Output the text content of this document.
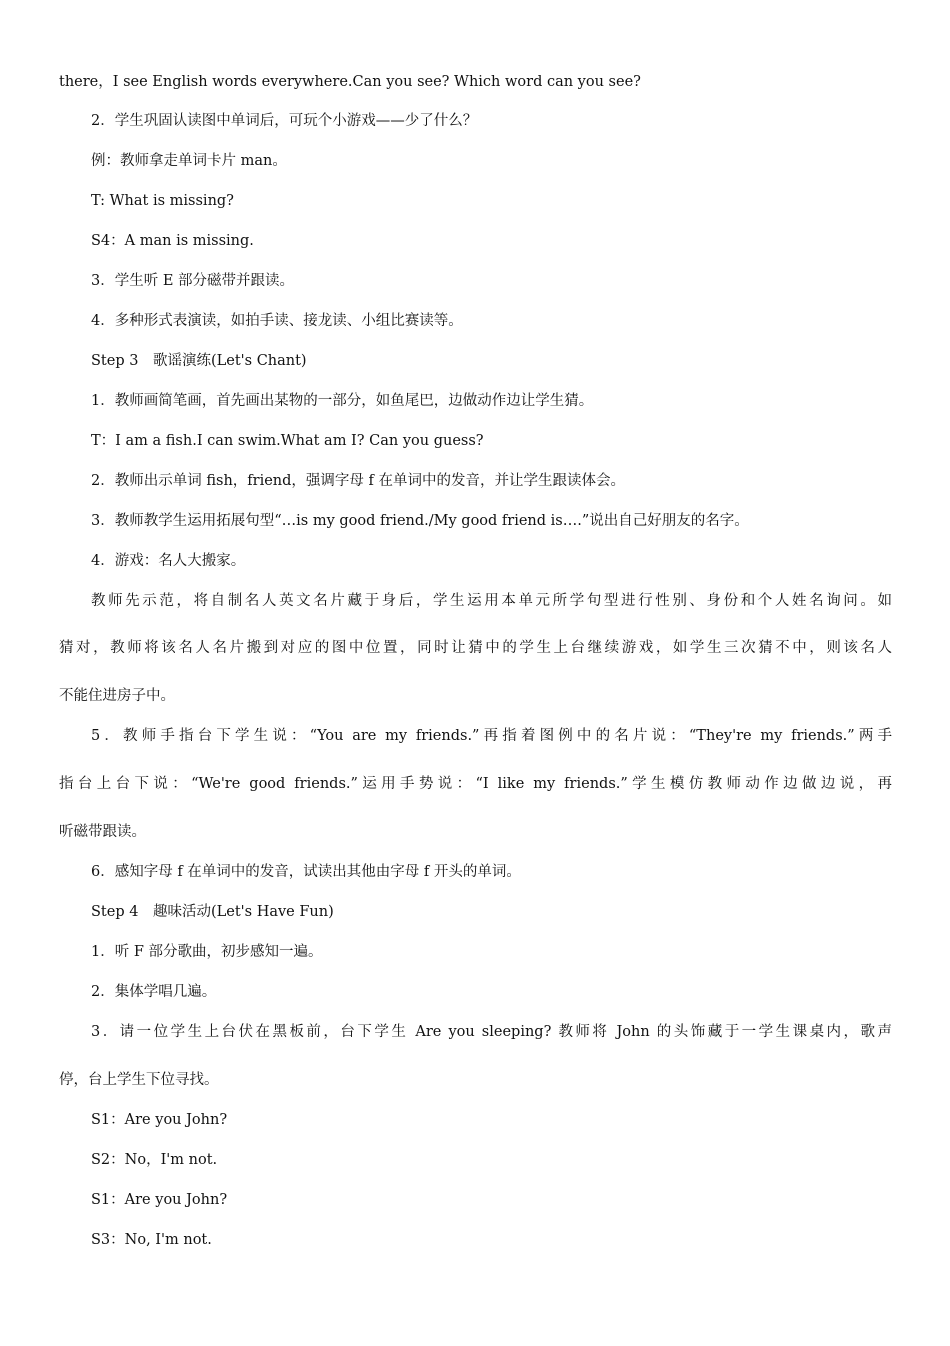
there，I see English words everywhere.Can you see? Which word can you see?
2．学生巩固认读图中单词后，可玩个小游戏——少了什么？
例：教师拿走单词卡片 man。
T: What is missing?
S4：A man is missing.
3．学生听 E 部分磁带并跟读。
4．多种形式表演读，如拍手读、接龙读、小组比赛读等。
Step 3　歌谣演练(Let's Chant)
1．教师画简笔画，首先画出某物的一部分，如鱼尾巴，边做动作边让学生猜。
T：I am a fish.I can swim.What am I? Can you guess?
2．教师出示单词 fish，friend，强调字母 f 在单词中的发音，并让学生跟读体会。
3．教师教学生运用拓展句型“…is my good friend./My good friend is….”说出自己好朋友的名字。
4．游戏：名人大搬家。
教师先示范，将自制名人英文名片藏于身后，学生运用本单元所学句型进行性别、身份和个人姓名询问。如
猜对，教师将该名人名片搬到对应的图中位置，同时让猜中的学生上台继续游戏，如学生三次猜不中，则该名人
不能住进房子中。
5．教师手指台下学生说：“You are my friends.”再指着图例中的名片说：“They're my friends.”两手
指台上台下说：“We're good friends.”运用手势说：“I like my friends.”学生模仿教师动作边做边说，再
听磁带跟读。
6．感知字母 f 在单词中的发音，试读出其他由字母 f 开头的单词。
Step 4　趣味活动(Let's Have Fun)
1．听 F 部分歌曲，初步感知一遍。
2．集体学唱几遍。
3．请一位学生上台伏在黑板前，台下学生 Are you sleeping? 教师将 John 的头饰藏于一学生课桌内，歌声
停，台上学生下位寻找。
S1：Are you John?
S2：No，I'm not.
S1：Are you John?
S3：No, I'm not.
